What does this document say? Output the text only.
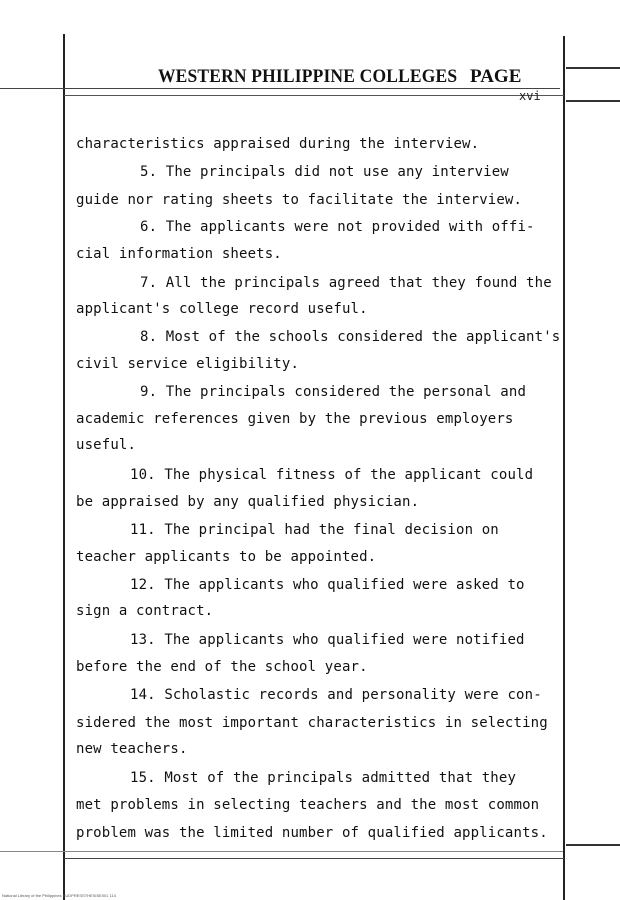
WESTERN PHILIPPINE COLLEGES PAGE
xvi
characteristics appraised during the interview.
5. The principals did not use any interview
guide nor rating sheets to facilitate the interview.
6. The applicants were not provided with offi-
cial information sheets.
7. All the principals agreed that they found the
applicant's college record useful.
8. Most of the schools considered the applicant's
civil service eligibility.
9. The principals considered the personal and
academic references given by the previous employers
useful.
10. The physical fitness of the applicant could
be appraised by any qualified physician.
11. The principal had the final decision on
teacher applicants to be appointed.
12. The applicants who qualified were asked to
sign a contract.
13. The applicants who qualified were notified
before the end of the school year.
14. Scholastic records and personality were con-
sidered the most important characteristics in selecting
new teachers.
15. Most of the principals admitted that they
met problems in selecting teachers and the most common
problem was the limited number of qualified applicants.
National Library of the Philippines BUDPRESSTHESISE001 114
